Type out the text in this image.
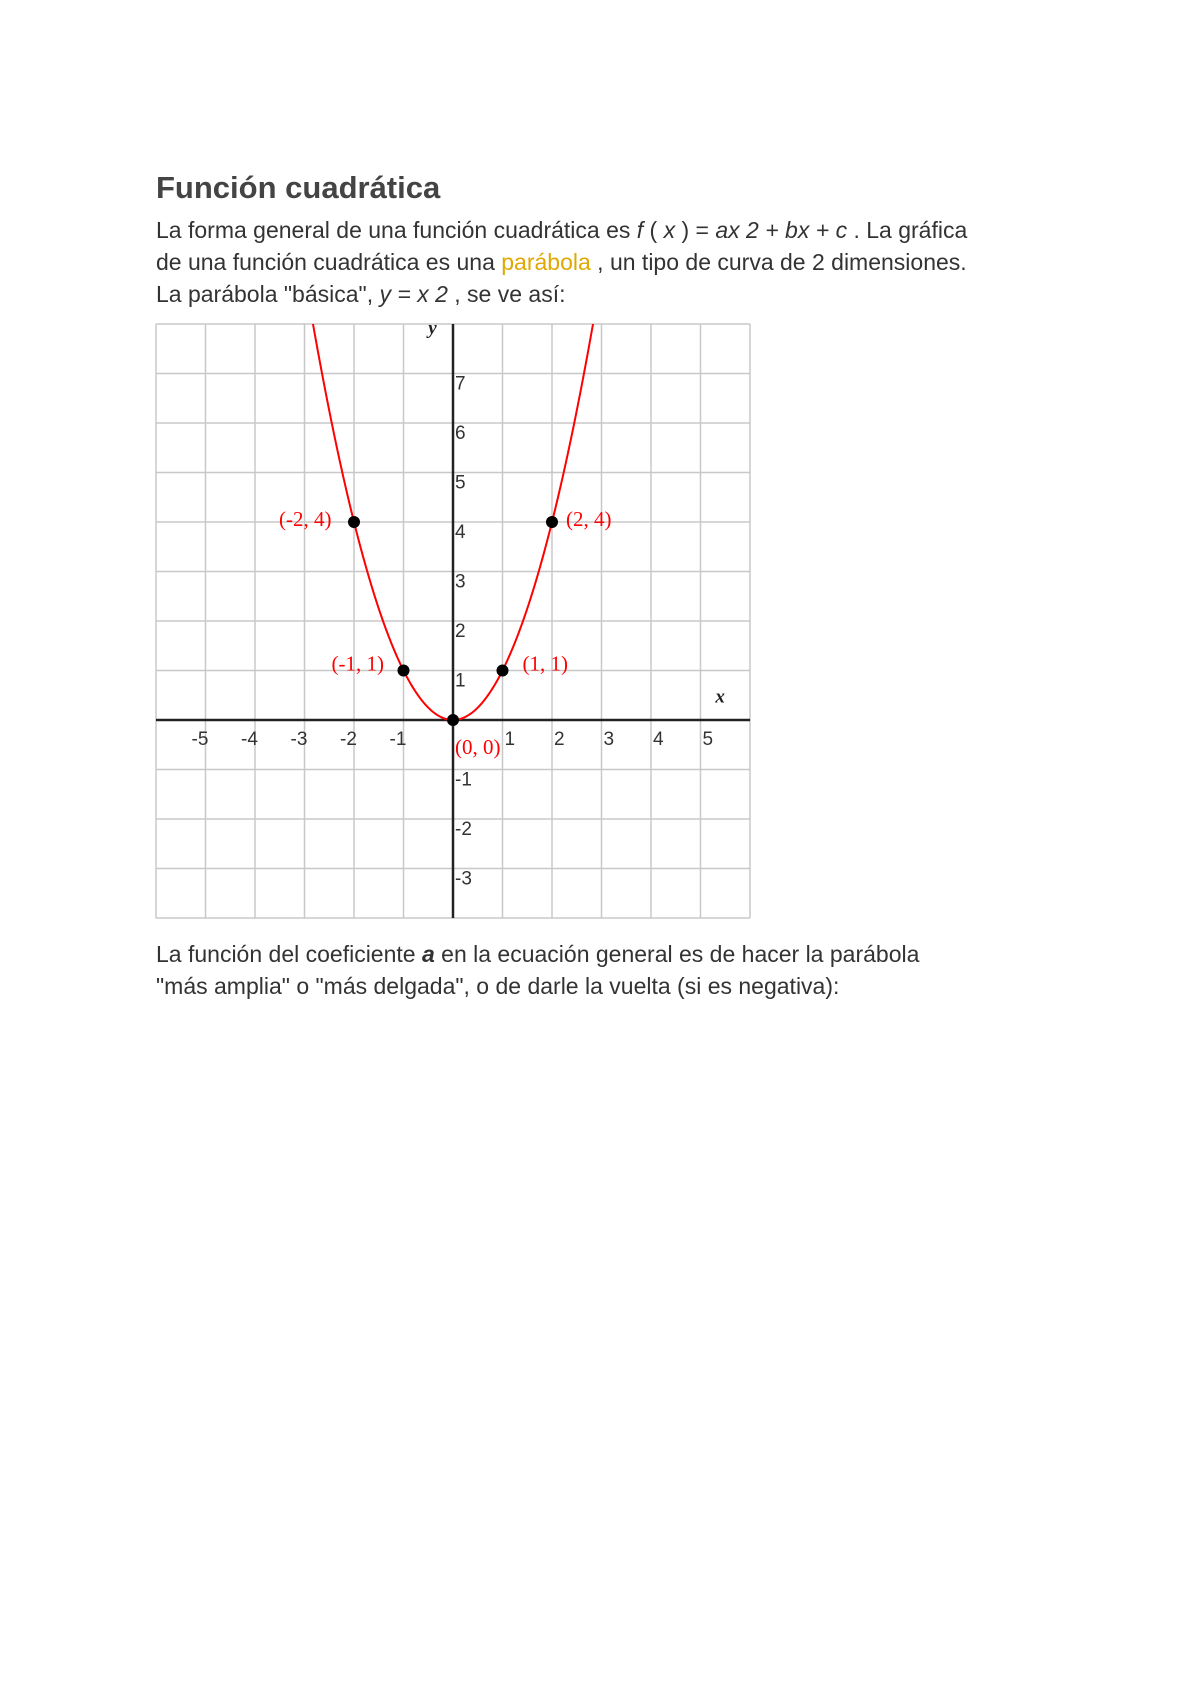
Función cuadrática

La forma general de una función cuadrática es f ( x ) = ax 2 + bx + c . La gráfica
de una función cuadrática es una parábola , un tipo de curva de 2 dimensiones.
La parábola "básica", y = x 2 , se ve así:

-5 -4 -3 -2 -1	1 2 3 4 5
7
6
5
4
3
2
1
-1
-2
-3
x
y
(-2, 4)
(-1, 1)
(0, 0)
(1, 1)
(2, 4)

La función del coeficiente a en la ecuación general es de hacer la parábola
"más amplia" o "más delgada", o de darle la vuelta (si es negativa):
